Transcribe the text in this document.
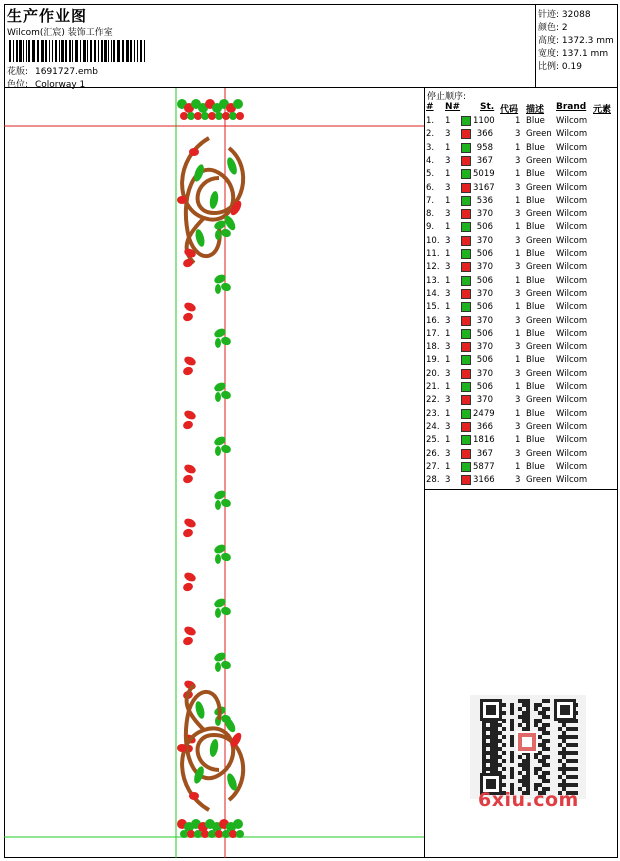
生产作业图
Wilcom(汇宸) 装饰工作室
花版: 1691727.emb
色位: Colorway 1
针迹: 32088
颜色: 2
高度: 1372.3 mm
宽度: 137.1 mm
比例: 0.19
停止顺序:
# N# St. 代码 描述 Brand 元素
1. 1	1100 1 Blue Wilcom
2. 3	366	3 Green Wilcom
3. 1	958	1 Blue Wilcom
4. 3	367	3 Green Wilcom
5. 1	5019 1 Blue Wilcom
6. 3	3167 3 Green Wilcom
7. 1	536	1 Blue Wilcom
8. 3	370	3 Green Wilcom
9. 1	506	1 Blue Wilcom
10. 3	370	3 Green Wilcom
11. 1	506	1 Blue Wilcom
12. 3	370	3 Green Wilcom
13. 1	506	1 Blue Wilcom
14. 3	370	3 Green Wilcom
15. 1	506	1 Blue Wilcom
16. 3	370	3 Green Wilcom
17. 1	506	1 Blue Wilcom
18. 3	370	3 Green Wilcom
19. 1	506	1 Blue Wilcom
20. 3	370	3 Green Wilcom
21. 1	506	1 Blue Wilcom
22. 3	370	3 Green Wilcom
23. 1	2479 1 Blue Wilcom
24. 3	366	3 Green Wilcom
25. 1	1816 1 Blue Wilcom
26. 3	367	3 Green Wilcom
27. 1	5877 1 Blue Wilcom
28. 3	3166 3 Green Wilcom
6xiu.com
